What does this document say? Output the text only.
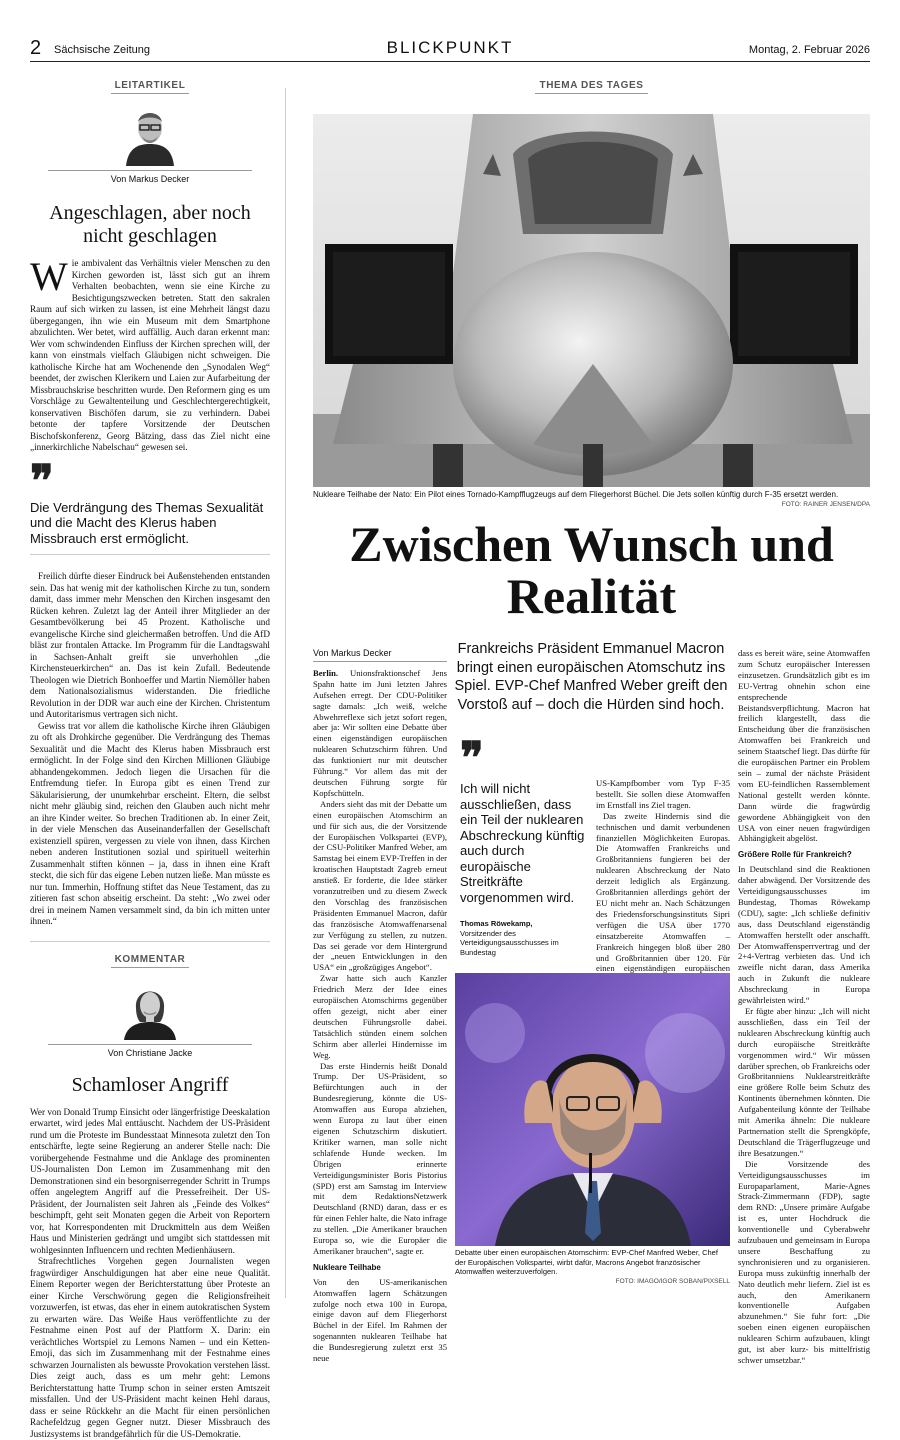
2 Sächsische Zeitung	BLICKPUNKT	Montag, 2. Februar 2026
LEITARTIKEL
Von Markus Decker
Angeschlagen, aber noch nicht geschlagen

Wie ambivalent das Verhältnis vieler Menschen zu den Kirchen geworden ist, lässt sich gut an ihrem Verhalten beobachten, wenn sie eine Kirche zu Besichtigungszwecken betreten. Statt den sakralen Raum auf sich wirken zu lassen, ist eine Mehrheit längst dazu übergegangen, ihn wie ein Museum mit dem Smartphone abzulichten. Wer betet, wird auffällig. Auch daran erkennt man: Wer vom schwindenden Einfluss der Kirchen sprechen will, der kann von einstmals vielfach Gläubigen nicht schweigen. Die katholische Kirche hat am Wochenende den „Synodalen Weg“ beendet, der zwischen Klerikern und Laien zur Aufarbeitung der Missbrauchskrise beschritten wurde. Den Reformern ging es um Vorschläge zu Gewaltenteilung und Geschlechtergerechtigkeit, konservativen Bischöfen darum, sie zu verhindern. Dabei betonte der tapfere Vorsitzende der Deutschen Bischofskonferenz, Georg Bätzing, dass das Ziel nicht eine „innerkirchliche Nabelschau“ gewesen sei.

❞
Die Verdrängung des Themas Sexualität und die Macht des Klerus haben Missbrauch erst ermöglicht.

Freilich dürfte dieser Eindruck bei Außenstehenden entstanden sein. Das hat wenig mit der katholischen Kirche zu tun, sondern damit, dass immer mehr Menschen den Kirchen insgesamt den Rücken kehren. Zuletzt lag der Anteil ihrer Mitglieder an der Gesamtbevölkerung bei 45 Prozent. Katholische und evangelische Kirche sind gleichermaßen betroffen. Und die AfD bläst zur frontalen Attacke. Im Programm für die Landtagswahl in Sachsen-Anhalt greift sie unverhohlen „die Kirchensteuerkirchen“ an. Das ist kein Zufall. Bedeutende Theologen wie Dietrich Bonhoeffer und Martin Niemöller haben dem Nationalsozialismus widerstanden. Die friedliche Revolution in der DDR war auch eine der Kirchen. Christentum und Autoritarismus vertragen sich nicht.

Gewiss trat vor allem die katholische Kirche ihren Gläubigen zu oft als Drohkirche gegenüber. Die Verdrängung des Themas Sexualität und die Macht des Klerus haben Missbrauch erst ermöglicht. In der Folge sind den Kirchen Millionen Gläubige abhandengekommen. Jedoch liegen die Ursachen für die Entfremdung tiefer. In Europa gibt es einen Trend zur Säkularisierung, der unumkehrbar erscheint. Eltern, die selbst nicht mehr gläubig sind, reichen den Glauben auch nicht mehr an ihre Kinder weiter. So brechen Traditionen ab. In einer Zeit, in der viele Menschen das Auseinanderfallen der Gesellschaft existenziell spüren, vergessen zu viele von ihnen, dass Kirchen neben anderen Institutionen sozial und spirituell weiterhin Zusammenhalt stiften können – ja, dass in ihnen eine Kraft steckt, die sich für das eigene Leben nutzen ließe. Man müsste es nur tun. Immerhin, Hoffnung stiftet das Neue Testament, das zu zitieren fast schon abseitig erscheint. Da steht: „Wo zwei oder drei in meinem Namen versammelt sind, da bin ich mitten unter ihnen.“

KOMMENTAR
Von Christiane Jacke
Schamloser Angriff

Wer von Donald Trump Einsicht oder längerfristige Deeskalation erwartet, wird jedes Mal enttäuscht. Nachdem der US-Präsident rund um die Proteste im Bundesstaat Minnesota zuletzt den Ton entschärfte, legte seine Regierung an anderer Stelle nach: Die vorübergehende Festnahme und die Anklage des prominenten US-Journalisten Don Lemon im Zusammenhang mit den Demonstrationen sind ein besorgniserregender Schritt in Trumps offen angelegtem Angriff auf die Pressefreiheit. Der US-Präsident, der Journalisten seit Jahren als „Feinde des Volkes“ beschimpft, geht seit Monaten gegen die Arbeit von Reportern vor, hat Korrespondenten mit Druckmitteln aus dem Weißen Haus und Ministerien gedrängt und umgibt sich stattdessen mit wohlgesinnten Influencern und rechten Medienhäusern.

Strafrechtliches Vorgehen gegen Journalisten wegen fragwürdiger Anschuldigungen hat aber eine neue Qualität. Einem Reporter wegen der Berichterstattung über Proteste an einer Kirche Verschwörung gegen die Religionsfreiheit vorzuwerfen, ist etwas, das eher in einem autokratischen System zu erwarten wäre. Das Weiße Haus veröffentlichte zu der Festnahme einen Post auf der Plattform X. Darin: ein verächtliches Wortspiel zu Lemons Namen – und ein Ketten-Emoji, das sich im Zusammenhang mit der Festnahme eines schwarzen Journalisten als bewusste Provokation verstehen lässt. Dies zeigt auch, dass es um mehr geht: Lemons Berichterstattung hatte Trump schon in seiner ersten Amtszeit missfallen. Und der US-Präsident macht keinen Hehl daraus, dass er seine Rückkehr an die Macht für einen persönlichen Rachefeldzug gegen Gegner nutzt. Dieser Missbrauch des Justizsystems ist brandgefährlich für die US-Demokratie.

THEMA DES TAGES
Nukleare Teilhabe der Nato: Ein Pilot eines Tornado-Kampfflugzeugs auf dem Fliegerhorst Büchel. Die Jets sollen künftig durch F-35 ersetzt werden.
FOTO: RAINER JENSEN/DPA
Zwischen Wunsch und Realität
Frankreichs Präsident Emmanuel Macron bringt einen europäischen Atomschutz ins Spiel. EVP-Chef Manfred Weber greift den Vorstoß auf – doch die Hürden sind hoch.
Von Markus Decker

Berlin. Unionsfraktionschef Jens Spahn hatte im Juni letzten Jahres Aufsehen erregt. Der CDU-Politiker sagte damals: „Ich weiß, welche Abwehrreflexe sich jetzt sofort regen, aber ja: Wir sollten eine Debatte über einen eigenständigen europäischen nuklearen Schutzschirm führen. Und das funktioniert nur mit deutscher Führung.“ Vor allem das mit der deutschen Führung sorgte für Kopfschütteln.

Anders sieht das mit der Debatte um einen europäischen Atomschirm an und für sich aus, die der Vorsitzende der Europäischen Volkspartei (EVP), der CSU-Politiker Manfred Weber, am Samstag bei einem EVP-Treffen in der kroatischen Hauptstadt Zagreb erneut anstieß. Er forderte, die Idee stärker voranzutreiben und zu diesem Zweck den Vorschlag des französischen Präsidenten Emmanuel Macron, dafür das französische Atomwaffenarsenal zur Verfügung zu stellen, zu nutzen. Das sei gerade vor dem Hintergrund der „neuen Entwicklungen in den USA“ ein „großzügiges Angebot“.

Zwar hatte sich auch Kanzler Friedrich Merz der Idee eines europäischen Atomschirms gegenüber offen gezeigt, nicht aber einer deutschen Führungsrolle dabei. Tatsächlich stünden einem solchen Schirm aber allerlei Hindernisse im Weg.

Das erste Hindernis heißt Donald Trump. Der US-Präsident, so Befürchtungen auch in der Bundesregierung, könnte die US-Atomwaffen aus Europa abziehen, wenn Europa zu laut über einen eigenen Schutzschirm diskutiert. Kritiker warnen, man solle nicht schlafende Hunde wecken. Im Übrigen erinnerte Verteidigungsminister Boris Pistorius (SPD) erst am Samstag im Interview mit dem RedaktionsNetzwerk Deutschland (RND) daran, dass er es für einen Fehler halte, die Nato infrage zu stellen. „Die Amerikaner brauchen Europa so, wie die Europäer die Amerikaner brauchen“, sagte er.

Nukleare Teilhabe

Von den US-amerikanischen Atomwaffen lagern Schätzungen zufolge noch etwa 100 in Europa, einige davon auf dem Fliegerhorst Büchel in der Eifel. Im Rahmen der sogenannten nuklearen Teilhabe hat die Bundesregierung zuletzt erst 35 neue

❞
Ich will nicht ausschließen, dass ein Teil der nuklearen Abschreckung künftig auch durch europäische Streitkräfte vorgenommen wird.
Thomas Röwekamp,
Vorsitzender des Verteidigungsausschusses im Bundestag

US-Kampfbomber vom Typ F-35 bestellt. Sie sollen diese Atomwaffen im Ernstfall ins Ziel tragen.

Das zweite Hindernis sind die technischen und damit verbundenen finanziellen Möglichkeiten Europas. Die Atomwaffen Frankreichs und Großbritanniens fungieren bei der nuklearen Abschreckung der Nato derzeit lediglich als Ergänzung. Großbritannien allerdings gehört der EU nicht mehr an. Nach Schätzungen des Friedensforschungsinstituts Sipri verfügen die USA über 1770 einsatzbereite Atomwaffen – Frankreich hingegen bloß über 280 und Großbritannien über 120. Für einen eigenständigen europäischen

Debatte über einen europäischen Atomschirm: EVP-Chef Manfred Weber, Chef der Europäischen Volkspartei, wirbt dafür, Macrons Angebot französischer Atomwaffen weiterzuverfolgen.
FOTO: IMAGO/IGOR SOBAN/PIXSELL

dass es bereit wäre, seine Atomwaffen zum Schutz europäischer Interessen einzusetzen. Grundsätzlich gibt es im EU-Vertrag ohnehin schon eine entsprechende Beistandsverpflichtung. Macron hat freilich klargestellt, dass die Entscheidung über die französischen Atomwaffen bei Frankreich und seinem Staatschef liegt. Das dürfte für die europäischen Partner ein Problem sein – zumal der nächste Präsident vom EU-feindlichen Rassemblement National gestellt werden könnte. Dann würde die fragwürdig gewordene Abhängigkeit von den USA von einer neuen fragwürdigen Abhängigkeit abgelöst.

Größere Rolle für Frankreich?

In Deutschland sind die Reaktionen daher abwägend. Der Vorsitzende des Verteidigungsausschusses im Bundestag, Thomas Röwekamp (CDU), sagte: „Ich schließe definitiv aus, dass Deutschland eigenständig Atomwaffen herstellt oder anschafft. Der Atomwaffensperrvertrag und der 2+4-Vertrag verbieten das. Und ich zweifle nicht daran, dass Amerika auch in Zukunft die nukleare Abschreckung in Europa gewährleisten wird.“

Er fügte aber hinzu: „Ich will nicht ausschließen, dass ein Teil der nuklearen Abschreckung künftig auch durch europäische Streitkräfte vorgenommen wird.“ Wir müssen darüber sprechen, ob Frankreichs oder Großbritanniens Nuklearstreitkräfte eine größere Rolle beim Schutz des Kontinents übernehmen könnten. Die Aufgabenteilung könnte der Teilhabe mit Amerika ähneln: Die nukleare Partnernation stellt die Sprengköpfe, Deutschland die Trägerflugzeuge und ihre Besatzungen.“

Die Vorsitzende des Verteidigungsausschusses im Europaparlament, Marie-Agnes Strack-Zimmermann (FDP), sagte dem RND: „Unsere primäre Aufgabe ist es, unter Hochdruck die konventionelle und Cyberabwehr aufzubauen und gemeinsam in Europa unsere Beschaffung zu synchronisieren und zu organisieren. Europa muss zukünftig innerhalb der Nato deutlich mehr liefern. Ziel ist es auch, den Amerikanern konventionelle Aufgaben abzunehmen.“ Sie fuhr fort: „Die soeben einen eigenen europäischen nuklearen Schirm aufzubauen, klingt gut, ist aber kurz- bis mittelfristig schwer umsetzbar.“
